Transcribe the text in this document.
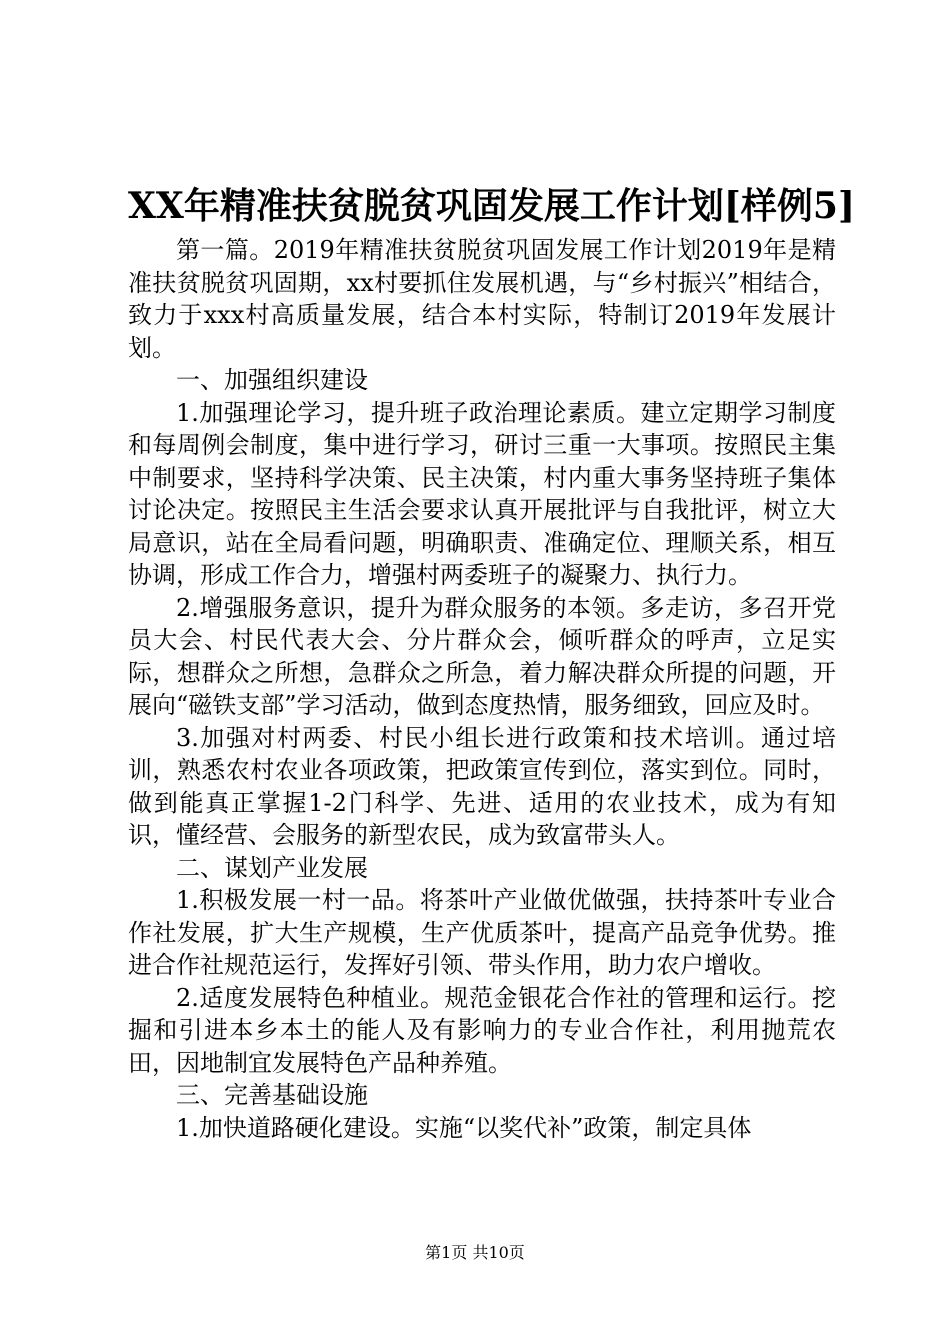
XX年精准扶贫脱贫巩固发展工作计划[样例5]

第一篇。2019年精准扶贫脱贫巩固发展工作计划2019年是精准扶贫脱贫巩固期，xx村要抓住发展机遇，与“乡村振兴”相结合，致力于xxx村高质量发展，结合本村实际，特制订2019年发展计划。

一、加强组织建设

1.加强理论学习，提升班子政治理论素质。建立定期学习制度和每周例会制度，集中进行学习，研讨三重一大事项。按照民主集中制要求，坚持科学决策、民主决策，村内重大事务坚持班子集体讨论决定。按照民主生活会要求认真开展批评与自我批评，树立大局意识，站在全局看问题，明确职责、准确定位、理顺关系，相互协调，形成工作合力，增强村两委班子的凝聚力、执行力。

2.增强服务意识，提升为群众服务的本领。多走访，多召开党员大会、村民代表大会、分片群众会，倾听群众的呼声，立足实际，想群众之所想，急群众之所急，着力解决群众所提的问题，开展向“磁铁支部”学习活动，做到态度热情，服务细致，回应及时。

3.加强对村两委、村民小组长进行政策和技术培训。通过培训，熟悉农村农业各项政策，把政策宣传到位，落实到位。同时，做到能真正掌握1-2门科学、先进、适用的农业技术，成为有知识，懂经营、会服务的新型农民，成为致富带头人。

二、谋划产业发展

1.积极发展一村一品。将茶叶产业做优做强，扶持茶叶专业合作社发展，扩大生产规模，生产优质茶叶，提高产品竞争优势。推进合作社规范运行，发挥好引领、带头作用，助力农户增收。

2.适度发展特色种植业。规范金银花合作社的管理和运行。挖掘和引进本乡本土的能人及有影响力的专业合作社，利用抛荒农田，因地制宜发展特色产品种养殖。

三、完善基础设施

1.加快道路硬化建设。实施“以奖代补”政策，制定具体

第1页 共10页
